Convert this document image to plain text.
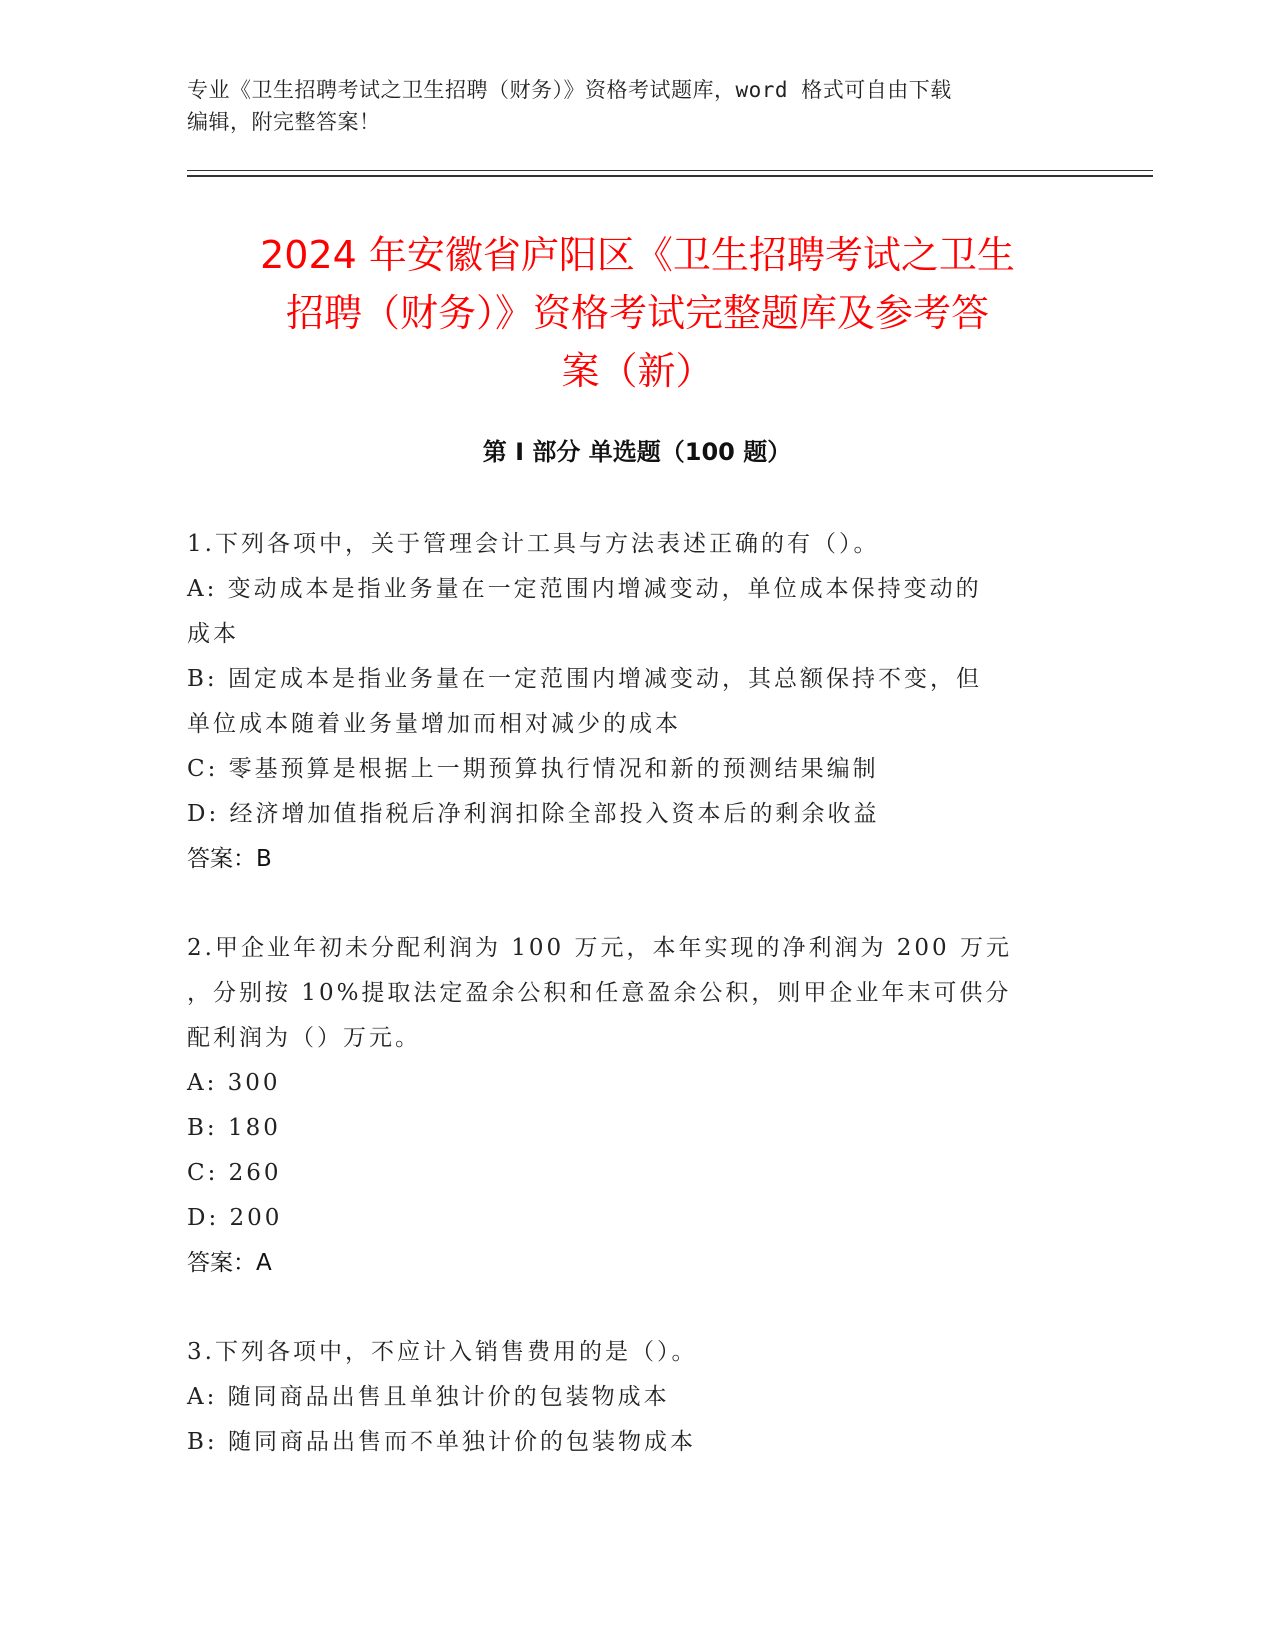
专业《卫生招聘考试之卫生招聘（财务）》资格考试题库，word 格式可自由下载
编辑，附完整答案！
2024 年安徽省庐阳区《卫生招聘考试之卫生
招聘（财务）》资格考试完整题库及参考答
案（新）
第 I 部分 单选题（100 题）
1.下列各项中，关于管理会计工具与方法表述正确的有（）。
A: 变动成本是指业务量在一定范围内增减变动，单位成本保持变动的
成本
B: 固定成本是指业务量在一定范围内增减变动，其总额保持不变，但
单位成本随着业务量增加而相对减少的成本
C: 零基预算是根据上一期预算执行情况和新的预测结果编制
D: 经济增加值指税后净利润扣除全部投入资本后的剩余收益
答案：B
2.甲企业年初未分配利润为 100 万元，本年实现的净利润为 200 万元
，分别按 10%提取法定盈余公积和任意盈余公积，则甲企业年末可供分
配利润为（）万元。
A: 300
B: 180
C: 260
D: 200
答案：A
3.下列各项中，不应计入销售费用的是（）。
A: 随同商品出售且单独计价的包装物成本
B: 随同商品出售而不单独计价的包装物成本
